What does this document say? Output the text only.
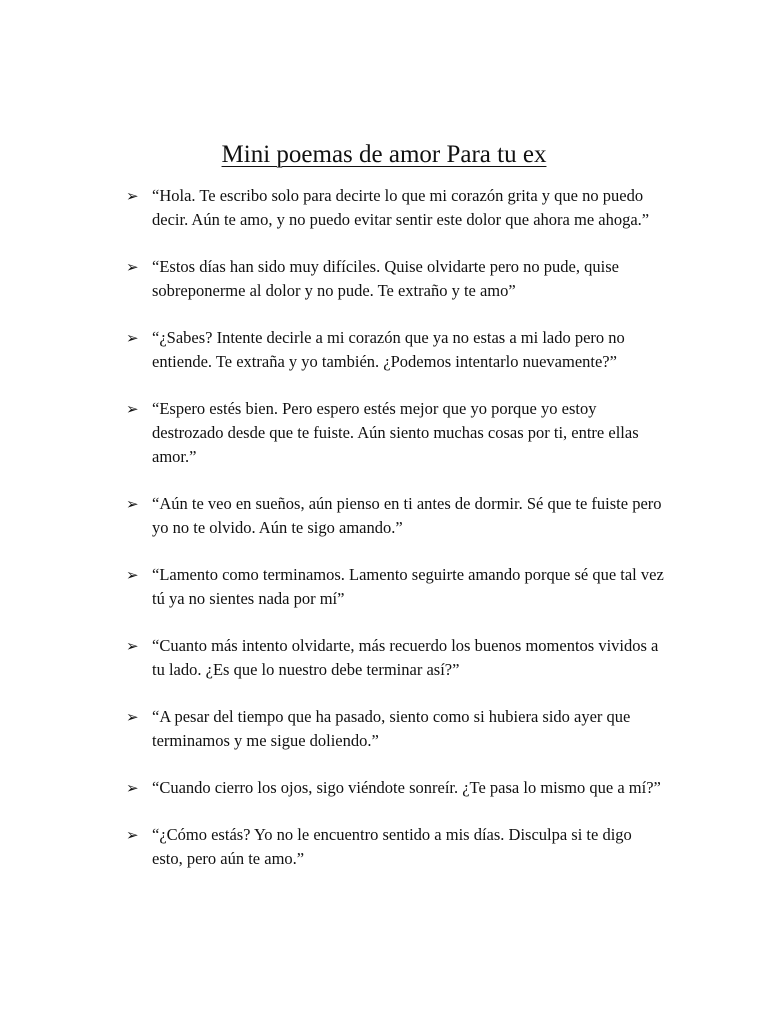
Mini poemas de amor Para tu ex
➢ “Hola. Te escribo solo para decirte lo que mi corazón grita y que no puedo decir. Aún te amo, y no puedo evitar sentir este dolor que ahora me ahoga.”
➢ “Estos días han sido muy difíciles. Quise olvidarte pero no pude, quise sobreponerme al dolor y no pude. Te extraño y te amo”
➢ “¿Sabes? Intente decirle a mi corazón que ya no estas a mi lado pero no entiende. Te extraña y yo también. ¿Podemos intentarlo nuevamente?”
➢ “Espero estés bien. Pero espero estés mejor que yo porque yo estoy destrozado desde que te fuiste. Aún siento muchas cosas por ti, entre ellas amor.”
➢ “Aún te veo en sueños, aún pienso en ti antes de dormir. Sé que te fuiste pero yo no te olvido. Aún te sigo amando.”
➢ “Lamento como terminamos. Lamento seguirte amando porque sé que tal vez tú ya no sientes nada por mí”
➢ “Cuanto más intento olvidarte, más recuerdo los buenos momentos vividos a tu lado. ¿Es que lo nuestro debe terminar así?”
➢ “A pesar del tiempo que ha pasado, siento como si hubiera sido ayer que terminamos y me sigue doliendo.”
➢ “Cuando cierro los ojos, sigo viéndote sonreír. ¿Te pasa lo mismo que a mí?”
➢ “¿Cómo estás? Yo no le encuentro sentido a mis días. Disculpa si te digo esto, pero aún te amo.”
